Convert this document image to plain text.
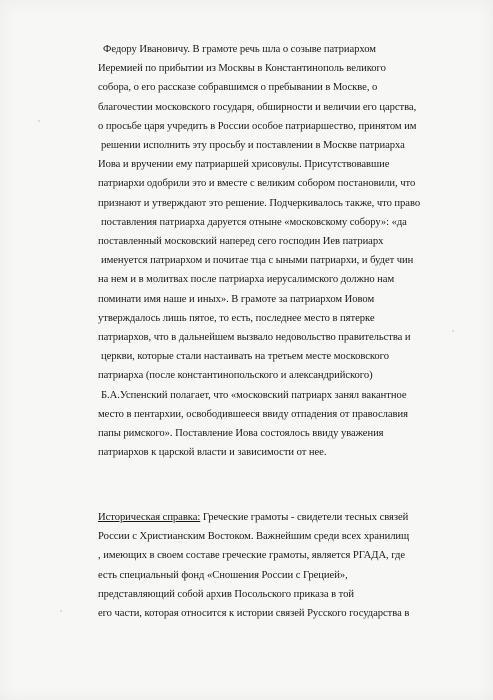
Федору Ивановичу. В грамоте речь шла о созыве патриархом
Иеремией по прибытии из Москвы в Константинополь великого
собора, о его рассказе собравшимся о пребывании в Москве, о
благочестии московского государя, обширности и величии его царства,
о просьбе царя учредить в России особое патриаршество, принятом им
решении исполнить эту просьбу и поставлении в Москве патриарха
Иова и вручении ему патриаршей хрисовулы. Присутствовавшие
патриархи одобрили это и вместе с великим собором постановили, что
признают и утверждают это решение. Подчеркивалось также, что право
поставления патриарха даруется отныне «московскому собору»: «да
поставленный московский наперед сего господин Иев патриарх
именуется патриархом и почитае тца с ыными патриархи, и будет чин
на нем и в молитвах после патриарха иерусалимского должно нам
поминати имя наше и иных». В грамоте за патриархом Иовом
утверждалось лишь пятое, то есть, последнее место в пятерке
патриархов, что в дальнейшем вызвало недовольство правительства и
церкви, которые стали настаивать на третьем месте московского
патриарха (после константинопольского и александрийского)
Б.А.Успенский полагает, что «московский патриарх занял вакантное
место в пентархии, освободившееся ввиду отпадения от православия
папы римского». Поставление Иова состоялось ввиду уважения
патриархов к царской власти и зависимости от нее.
Историческая справка: Греческие грамоты - свидетели тесных связей
России с Христианским Востоком. Важнейшим среди всех хранилищ
, имеющих в своем составе греческие грамоты, является РГАДА, где
есть специальный фонд «Сношения России с Грецией»,
представляющий собой архив Посольского приказа в той
его части, которая относится к истории связей Русского государства в
